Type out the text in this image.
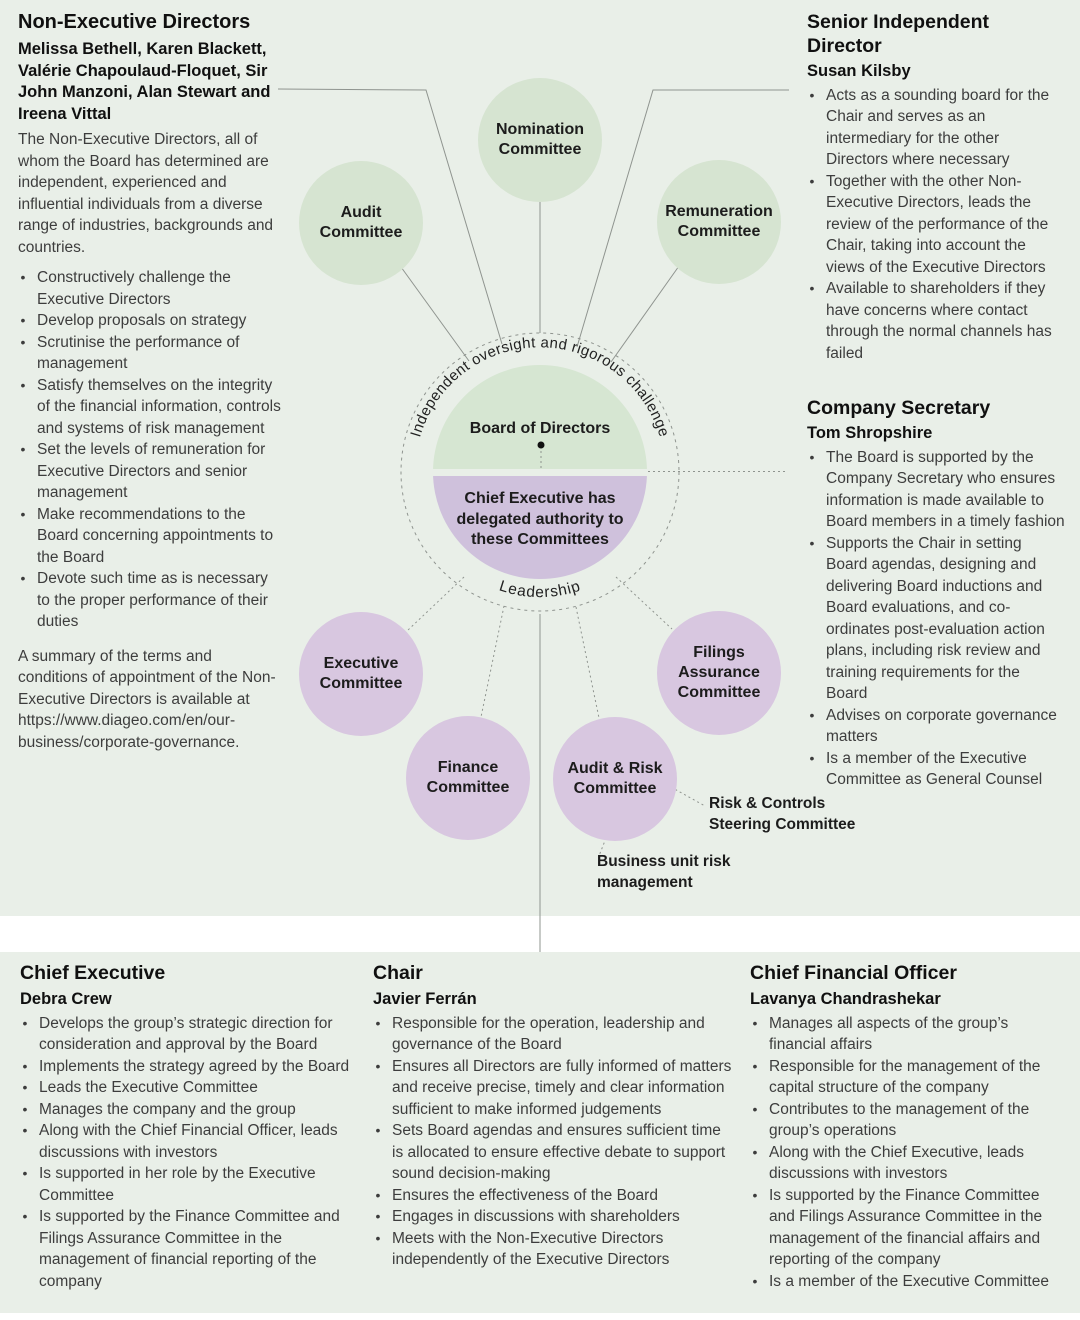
Nomination Committee
Audit Committee
Remuneration Committee
Executive Committee
Finance Committee
Audit & Risk Committee
Filings Assurance Committee
Board of Directors
Chief Executive has delegated authority to these Committees
Independent oversight and rigorous challenge
Leadership
Risk & Controls Steering Committee
Business unit risk management
Non-Executive Directors
Melissa Bethell, Karen Blackett, Valérie Chapoulaud-Floquet, Sir John Manzoni, Alan Stewart and Ireena Vittal

The Non-Executive Directors, all of whom the Board has determined are independent, experienced and influential individuals from a diverse range of industries, backgrounds and countries.

• Constructively challenge the Executive Directors
• Develop proposals on strategy
• Scrutinise the performance of management
• Satisfy themselves on the integrity of the financial information, controls and systems of risk management
• Set the levels of remuneration for Executive Directors and senior management
• Make recommendations to the Board concerning appointments to the Board
• Devote such time as is necessary to the proper performance of their duties

A summary of the terms and conditions of appointment of the Non-Executive Directors is available at https://www.diageo.com/en/our-business/corporate-governance.

Senior Independent Director
Susan Kilsby
• Acts as a sounding board for the Chair and serves as an intermediary for the other Directors where necessary
• Together with the other Non-Executive Directors, leads the review of the performance of the Chair, taking into account the views of the Executive Directors
• Available to shareholders if they have concerns where contact through the normal channels has failed
Company Secretary
Tom Shropshire
• The Board is supported by the Company Secretary who ensures information is made available to Board members in a timely fashion
• Supports the Chair in setting Board agendas, designing and delivering Board inductions and Board evaluations, and co-ordinates post-evaluation action plans, including risk review and training requirements for the Board
• Advises on corporate governance matters
• Is a member of the Executive Committee as General Counsel
Chief Executive
Debra Crew
• Develops the group’s strategic direction for consideration and approval by the Board
• Implements the strategy agreed by the Board
• Leads the Executive Committee
• Manages the company and the group
• Along with the Chief Financial Officer, leads discussions with investors
• Is supported in her role by the Executive Committee
• Is supported by the Finance Committee and Filings Assurance Committee in the management of financial reporting of the company
Chair
Javier Ferrán
• Responsible for the operation, leadership and governance of the Board
• Ensures all Directors are fully informed of matters and receive precise, timely and clear information sufficient to make informed judgements
• Sets Board agendas and ensures sufficient time is allocated to ensure effective debate to support sound decision-making
• Ensures the effectiveness of the Board
• Engages in discussions with shareholders
• Meets with the Non-Executive Directors independently of the Executive Directors
Chief Financial Officer
Lavanya Chandrashekar
• Manages all aspects of the group’s financial affairs
• Responsible for the management of the capital structure of the company
• Contributes to the management of the group’s operations
• Along with the Chief Executive, leads discussions with investors
• Is supported by the Finance Committee and Filings Assurance Committee in the management of the financial affairs and reporting of the company
• Is a member of the Executive Committee
